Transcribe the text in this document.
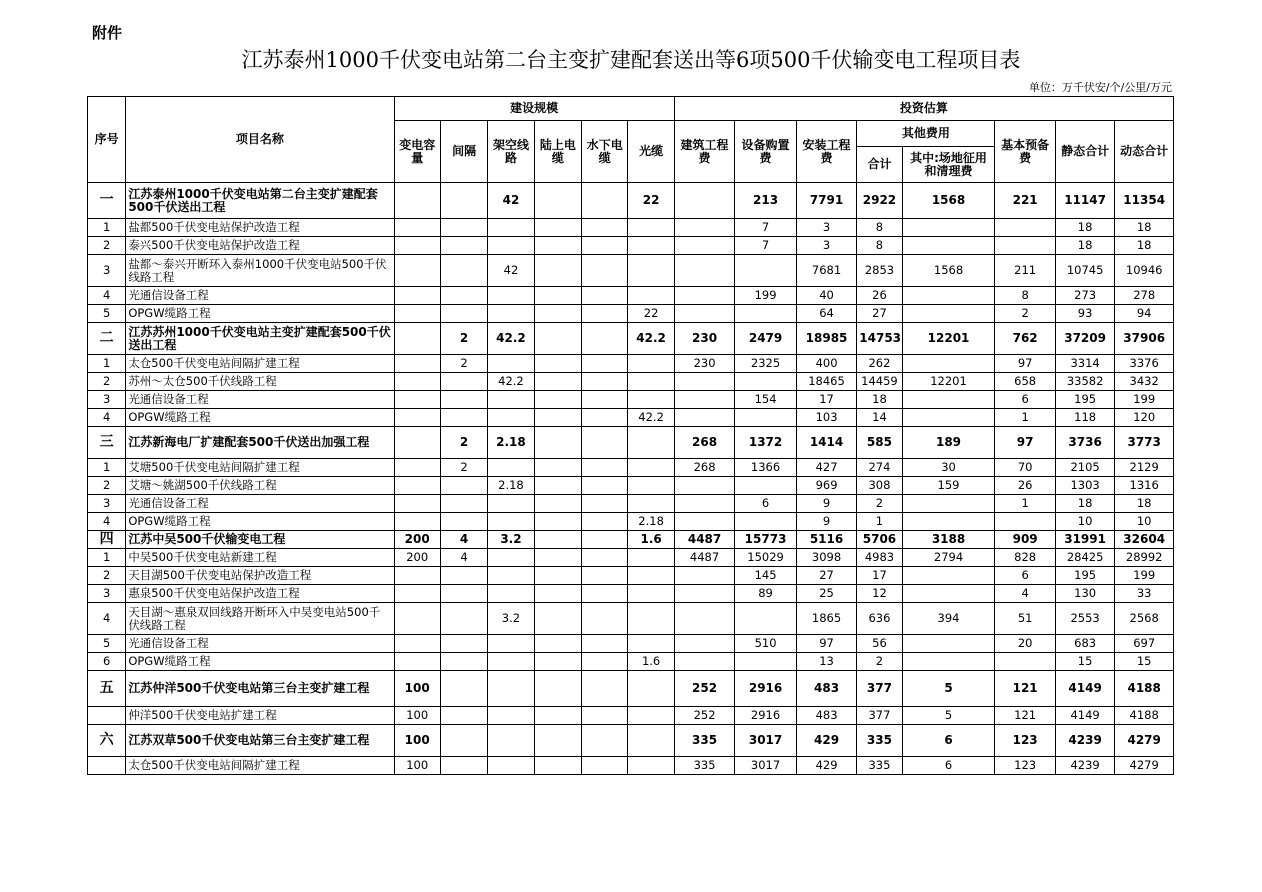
附件
江苏泰州1000千伏变电站第二台主变扩建配套送出等6项500千伏输变电工程项目表
单位：万千伏安/个/公里/万元
序号	项目名称	建设规模						投资估算							
		变电容量	间隔	架空线路	陆上电缆	水下电缆	光缆	建筑工程费	设备购置费	安装工程费	其他费用		基本预备费	静态合计	动态合计
											合计	其中:场地征用和清理费			
一	江苏泰州1000千伏变电站第二台主变扩建配套500千伏送出工程			42			22		213	7791	2922	1568	221	11147	11354
1	盐都500千伏变电站保护改造工程								7	3	8			18	18
2	泰兴500千伏变电站保护改造工程								7	3	8			18	18
3	盐都～泰兴开断环入泰州1000千伏变电站500千伏线路工程			42						7681	2853	1568	211	10745	10946
4	光通信设备工程								199	40	26		8	273	278
5	OPGW缆路工程						22			64	27		2	93	94
二	江苏苏州1000千伏变电站主变扩建配套500千伏送出工程		2	42.2			42.2	230	2479	18985	14753	12201	762	37209	37906
1	太仓500千伏变电站间隔扩建工程		2					230	2325	400	262		97	3314	3376
2	苏州～太仓500千伏线路工程			42.2						18465	14459	12201	658	33582	3432
3	光通信设备工程								154	17	18		6	195	199
4	OPGW缆路工程						42.2			103	14		1	118	120
三	江苏新海电厂扩建配套500千伏送出加强工程		2	2.18				268	1372	1414	585	189	97	3736	3773
1	艾塘500千伏变电站间隔扩建工程		2					268	1366	427	274	30	70	2105	2129
2	艾塘～姚湖500千伏线路工程			2.18						969	308	159	26	1303	1316
3	光通信设备工程								6	9	2		1	18	18
4	OPGW缆路工程						2.18			9	1			10	10
四	江苏中吴500千伏输变电工程	200	4	3.2			1.6	4487	15773	5116	5706	3188	909	31991	32604
1	中吴500千伏变电站新建工程	200	4					4487	15029	3098	4983	2794	828	28425	28992
2	天目湖500千伏变电站保护改造工程								145	27	17		6	195	199
3	惠泉500千伏变电站保护改造工程								89	25	12		4	130	33
4	天目湖～惠泉双回线路开断环入中吴变电站500千伏线路工程			3.2						1865	636	394	51	2553	2568
5	光通信设备工程								510	97	56		20	683	697
6	OPGW缆路工程						1.6			13	2			15	15
五	江苏仲洋500千伏变电站第三台主变扩建工程	100						252	2916	483	377	5	121	4149	4188
	仲洋500千伏变电站扩建工程	100						252	2916	483	377	5	121	4149	4188
六	江苏双草500千伏变电站第三台主变扩建工程	100						335	3017	429	335	6	123	4239	4279
	太仓500千伏变电站间隔扩建工程	100						335	3017	429	335	6	123	4239	4279
